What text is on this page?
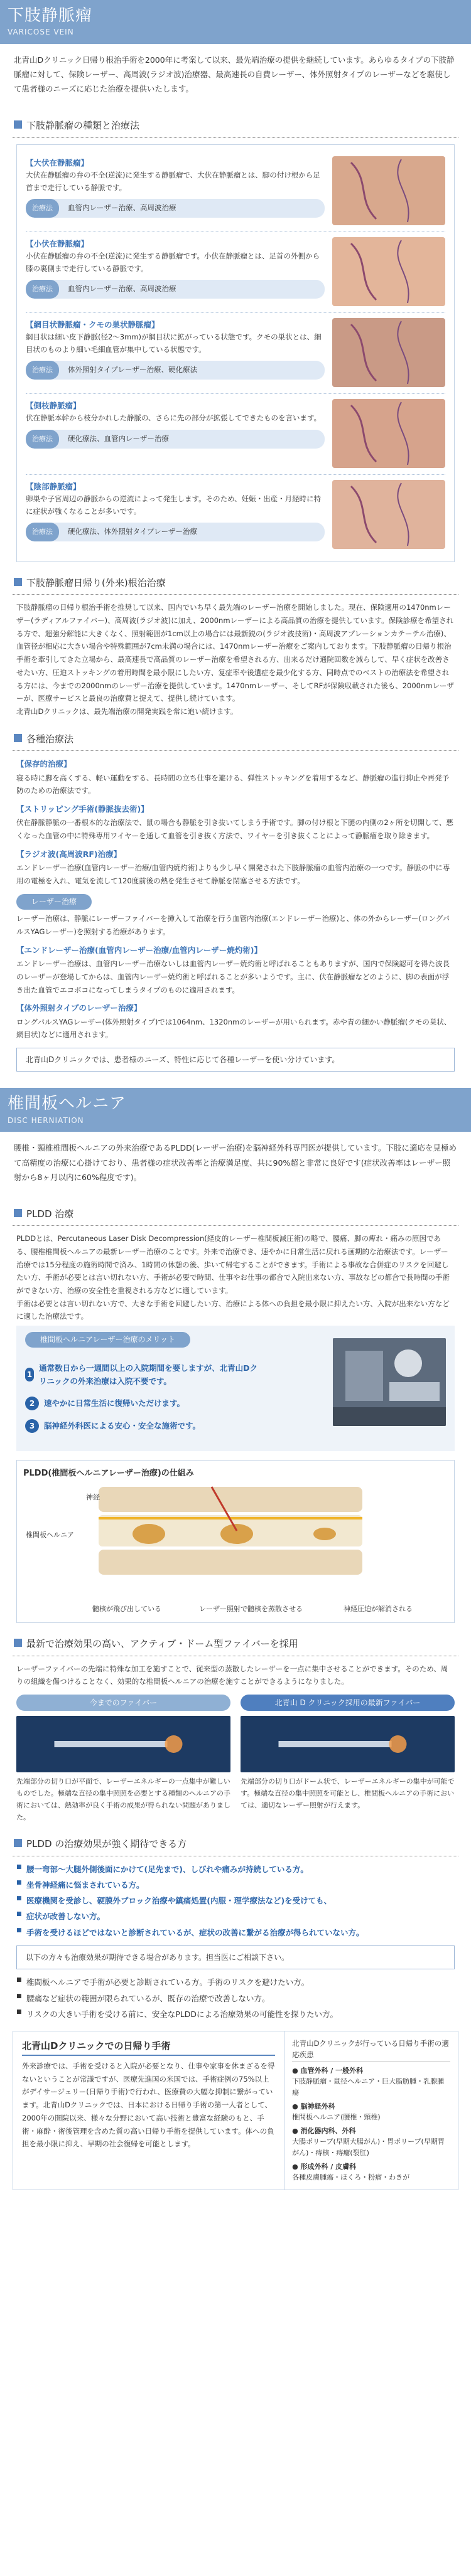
下肢静脈瘤
VARICOSE VEIN
北青山Dクリニック日帰り根治手術を2000年に考案して以来、最先端治療の提供を継続しています。あらゆるタイプの下肢静脈瘤に対して、保険レーザー、高周波(ラジオ波)治療器、最高速長の自費レーザー、体外照射タイプのレーザーなどを駆使して患者様のニーズに応じた治療を提供いたします。
下肢静脈瘤の種類と治療法
【大伏在静脈瘤】
大伏在静脈瘤の弁の不全(逆流)に発生する静脈瘤で、大伏在静脈瘤とは、脚の付け根から足首まで走行している静脈です。
治療法	血管内レーザー治療、高周波治療
【小伏在静脈瘤】
小伏在静脈瘤の弁の不全(逆流)に発生する静脈瘤です。小伏在静脈瘤とは、足首の外側から膝の裏側まで走行している静脈です。
治療法	血管内レーザー治療、高周波治療
【網目状静脈瘤・クモの巣状静脈瘤】
網目状は細い皮下静脈(径2〜3mm)が網目状に拡がっている状態です。クモの巣状とは、細目状のものより細い毛細血管が集中している状態です。
治療法	体外照射タイプレーザー治療、硬化療法
【側枝静脈瘤】
伏在静脈本幹から枝分かれした静脈の、さらに先の部分が拡張してできたものを言います。
治療法	硬化療法、血管内レーザー治療
【陰部静脈瘤】
卵巣や子宮周辺の静脈からの逆流によって発生します。そのため、妊娠・出産・月経時に特に症状が強くなることが多いです。
治療法	硬化療法、体外照射タイプレーザー治療
下肢静脈瘤日帰り(外来)根治治療
下肢静脈瘤の日帰り根治手術を推奨して以来、国内でいち早く最先端のレーザー治療を開始しました。現在、保険適用の1470nmレーザー(ラディアルファイバー)、高周波(ラジオ波)に加え、2000nmレーザーによる高品質の治療を提供しています。保険診療を希望される方で、超強分解能に大きくなく、照射範囲が1cm以上の場合には最新鋭の(ラジオ波技術)・高周波アプレーションカテーテル治療)、血管径が相応に大きい場合や特殊範囲が7cm未満の場合には、1470nmレーザー治療をご案内しております。下肢静脈瘤の日帰り根治手術を牽引してきた立場から、最高速長で高品質のレーザー治療を希望される方、出来るだけ通院回数を減らして、早く症状を改善させたい方、圧迫ストッキングの着用時間を最小限にしたい方、复症率や後遺症を最少化する方、同時点でのベストの治療法を希望される方には、今までの2000nmのレーザー治療を提供しています。1470nmレーザー、そしてRFが保険収載された後も、2000nmレーザーが、医療サービスと最良の治療費と捉えて、提供し続けています。
北青山Dクリニックは、最先端治療の開発実践を常に追い続けます。
各種治療法
【保存的治療】
寝る時に脚を高くする、軽い運動をする、長時間の立ち仕事を避ける、弾性ストッキングを着用するなど、静脈瘤の進行抑止や再発予防のための治療法です。
【ストリッピング手術(静脈抜去術)】
伏在静脈静脈の一番根本的な治療法で、鼠の場合も静脈を引き抜いてしまう手術です。脚の付け根と下腿の内側の2ヶ所を切開して、悪くなった血管の中に特殊専用ワイヤーを通して血管を引き抜く方法で、ワイヤーを引き抜くことによって静脈瘤を取り除きます。
【ラジオ波(高周波RF)治療】
エンドレーザー治療(血管内レーザー治療/血管内焼灼術)よりも少し早く開発された下肢静脈瘤の血管内治療の一つです。静脈の中に専用の電極を入れ、電気を流して120度前後の熱を発生させて静脈を閉塞させる方法です。
レーザー治療
レーザー治療は、静脈にレーザーファイバーを挿入して治療を行う血管内治療(エンドレーザー治療)と、体の外からレーザー(ロングパルスYAGレーザー)を照射する治療があります。
【エンドレーザー治療(血管内レーザー治療/血管内レーザー焼灼術)】
エンドレーザー治療は、血管内レーザー治療ないしは血管内レーザー焼灼術と呼ばれることもありますが、国内で保険認可を得た波長のレーザーが登場してからは、血管内レーザー焼灼術と呼ばれることが多いようです。主に、伏在静脈瘤などのように、脚の表面が浮き出た血管でエコボコになってしまうタイプのものに適用されます。
【体外照射タイプのレーザー治療】
ロングパルスYAGレーザー(体外照射タイプ)では1064nm、1320nmのレーザーが用いられます。赤や青の細かい静脈瘤(クモの巣状、網目状)などに適用されます。
北青山Dクリニックでは、患者様のニーズ、特性に応じて各種レーザーを使い分けています。
椎間板ヘルニア
DISC HERNIATION
腰椎・頸椎椎間板ヘルニアの外来治療であるPLDD(レーザー治療)を脳神経外科専門医が提供しています。下肢に適応を見極めて高精度の治療に心掛けており、患者様の症状改善率と治療満足度、共に90%超と非常に良好です(症状改善率はレーザー照射から8ヶ月以内に60%程度です)。
PLDD 治療
PLDDとは、Percutaneous Laser Disk Decompression(経皮的レーザー椎間板減圧術)の略で、腰痛、脚の痺れ・痛みの原因である、腰椎椎間板ヘルニアの最新レーザー治療のことです。外来で治療でき、速やかに日常生活に戻れる画期的な治療法です。レーザー治療では15分程度の施術時間で済み、1時間の休憩の後、歩いて帰宅することができます。手術による事故な合併症のリスクを回避したい方、手術が必要とは言い切れない方、手術が必要で時間、仕事やお仕事の都合で入院出来ない方、事故などの都合で長時間の手術ができない方、治療の安全性を重視される方などに適しています。
手術は必要とは言い切れない方で、大きな手術を回避したい方、治療による体への負担を最小限に抑えたい方、入院が出来ない方などに適した治療法です。
椎間板ヘルニアレーザー治療のメリット
1
通常数日から一週間以上の入院期間を要しますが、北青山Dクリニックの外来治療は入院不要です。
2	速やかに日常生活に復帰いただけます。
3	脳神経外科医による安心・安全な施術です。
PLDD(椎間板ヘルニアレーザー治療)の仕組み
神経
椎間板ヘルニア
髄核が飛び出している	レーザー照射で髄核を蒸散させる	神経圧迫が解消される
最新で治療効果の高い、アクティブ・ドーム型ファイバーを採用
レーザーファイバーの先端に特殊な加工を施すことで、従来型の蒸散したレーザーを一点に集中させることができます。そのため、周りの組織を傷つけることなく、効果的な椎間板ヘルニアの治療を施すことができるようになりました。
今までのファイバー
先端部分の切り口が平面で、レーザーエネルギーの一点集中が難しいものでした。極端な直径の集中照照を必要とする種類のヘルニアの手術においては、熱効率が良く手術の成果が得られない問題がありました。
北青山 D クリニック採用の最新ファイバー
先端部分の切り口がドーム状で、レーザーエネルギーの集中が可能です。極端な直径の集中照照を可能とし、椎間板ヘルニアの手術においては、適切なレーザー照射が行えます。
PLDD の治療効果が強く期待できる方
■ 腰一弯部〜大腿外側後面にかけて(足先まで)、しびれや痛みが持続している方。
■ 坐骨神経痛に悩まされている方。
■ 医療機関を受診し、硬膜外ブロック治療や鎮痛処置(内服・理学療法など)を受けても、
■ 症状が改善しない方。
■ 手術を受けるほどではないと診断されているが、症状の改善に繋がる治療が得られていない方。
以下の方々も治療効果が期待できる場合があります。担当医にご相談下さい。
■ 椎間板ヘルニアで手術が必要と診断されている方。手術のリスクを避けたい方。
■ 腰痛など症状の範囲が限られているが、既存の治療で改善しない方。
■ リスクの大きい手術を受ける前に、安全なPLDDによる治療効果の可能性を探りたい方。
北青山Dクリニックでの日帰り手術
外来診療では、手術を受けると入院が必要となり、仕事や家事を休まざるを得ないということが常識ですが、医療先進国の米国では、手術症例の75%以上がデイサージェリー(日帰り手術)で行われ、医療費の大幅な抑制に繋がっています。北青山Dクリニックでは、日本における日帰り手術の第一人者として、2000年の開院以来、様々な分野において高い技術と豊富な経験のもと、手術・麻酔・術後管理を含めた質の高い日帰り手術を提供しています。体への負担を最小限に抑え、早期の社会復帰を可能とします。
北青山Dクリニックが行っている日帰り手術の適応疾患
● 血管外科 / 一般外科
下肢静脈瘤・鼠径ヘルニア・巨大脂肪腫・乳腺腫瘍
● 脳神経外科
椎間板ヘルニア(腰椎・頸椎)
● 消化器内科、外科
大腸ポリープ(早期大腸がん)・胃ポリープ(早期胃がん)・痔核・痔瘻(裂肛)
● 形成外科 / 皮膚科
各種皮膚腫瘍・ほくろ・粉瘤・わきが
